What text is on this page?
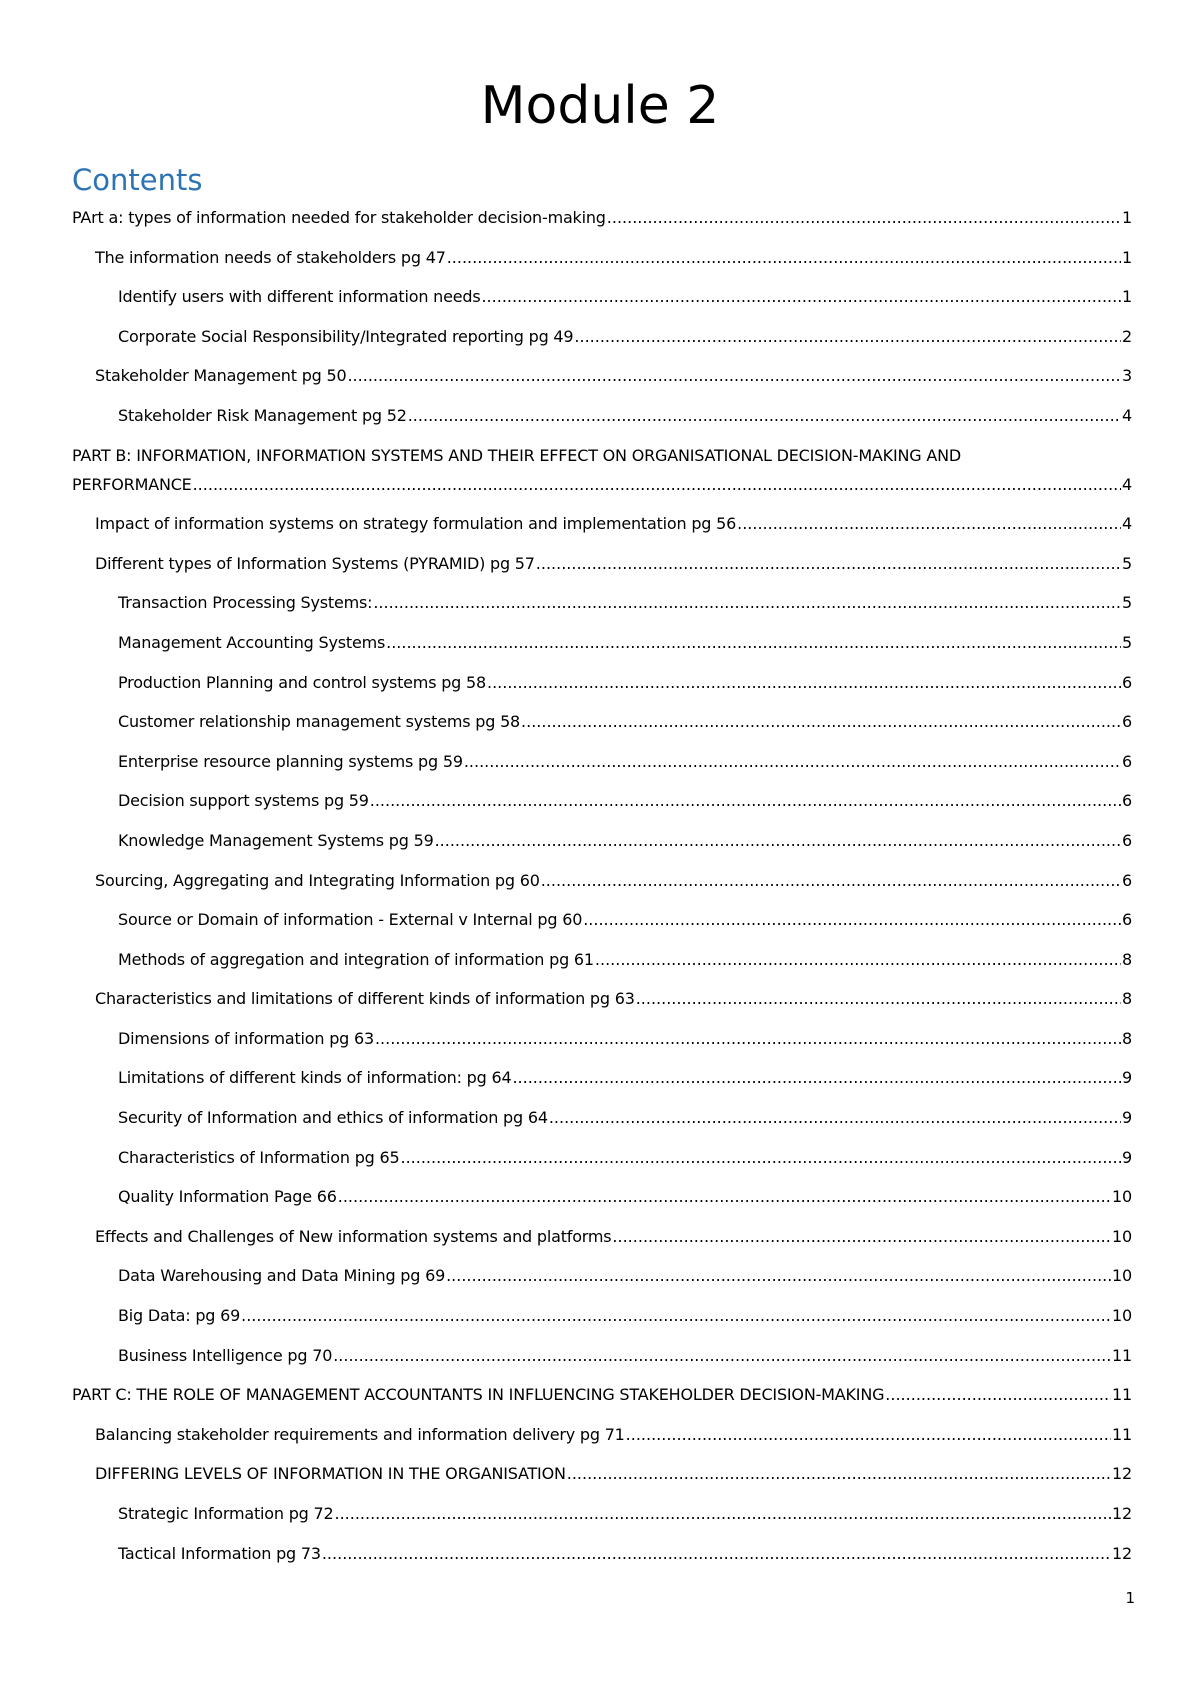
Module 2
Contents
PArt a: types of information needed for stakeholder decision-making .....	1
The information needs of stakeholders pg 47 .....	1
Identify users with different information needs .....	1
Corporate Social Responsibility/Integrated reporting pg 49 .....	2
Stakeholder Management pg 50 .....	3
Stakeholder Risk Management pg 52 .....	4
PART B: INFORMATION, INFORMATION SYSTEMS AND THEIR EFFECT ON ORGANISATIONAL DECISION-MAKING AND
PERFORMANCE .....	4
Impact of information systems on strategy formulation and implementation pg 56 .....	4
Different types of Information Systems (PYRAMID) pg 57 .....	5
Transaction Processing Systems: .....	5
Management Accounting Systems .....	5
Production Planning and control systems pg 58 .....	6
Customer relationship management systems pg 58 .....	6
Enterprise resource planning systems pg 59 .....	6
Decision support systems pg 59 .....	6
Knowledge Management Systems pg 59 .....	6
Sourcing, Aggregating and Integrating Information pg 60 .....	6
Source or Domain of information - External v Internal pg 60 .....	6
Methods of aggregation and integration of information pg 61 .....	8
Characteristics and limitations of different kinds of information pg 63 .....	8
Dimensions of information pg 63 .....	8
Limitations of different kinds of information: pg 64 .....	9
Security of Information and ethics of information pg 64 .....	9
Characteristics of Information pg 65 .....	9
Quality Information Page 66 .....	10
Effects and Challenges of New information systems and platforms .....	10
Data Warehousing and Data Mining pg 69 .....	10
Big Data: pg 69 .....	10
Business Intelligence pg 70 .....	11
PART C: THE ROLE OF MANAGEMENT ACCOUNTANTS IN INFLUENCING STAKEHOLDER DECISION-MAKING .....	11
Balancing stakeholder requirements and information delivery pg 71 .....	11
DIFFERING LEVELS OF INFORMATION IN THE ORGANISATION .....	12
Strategic Information pg 72 .....	12
Tactical Information pg 73 .....	12
1
